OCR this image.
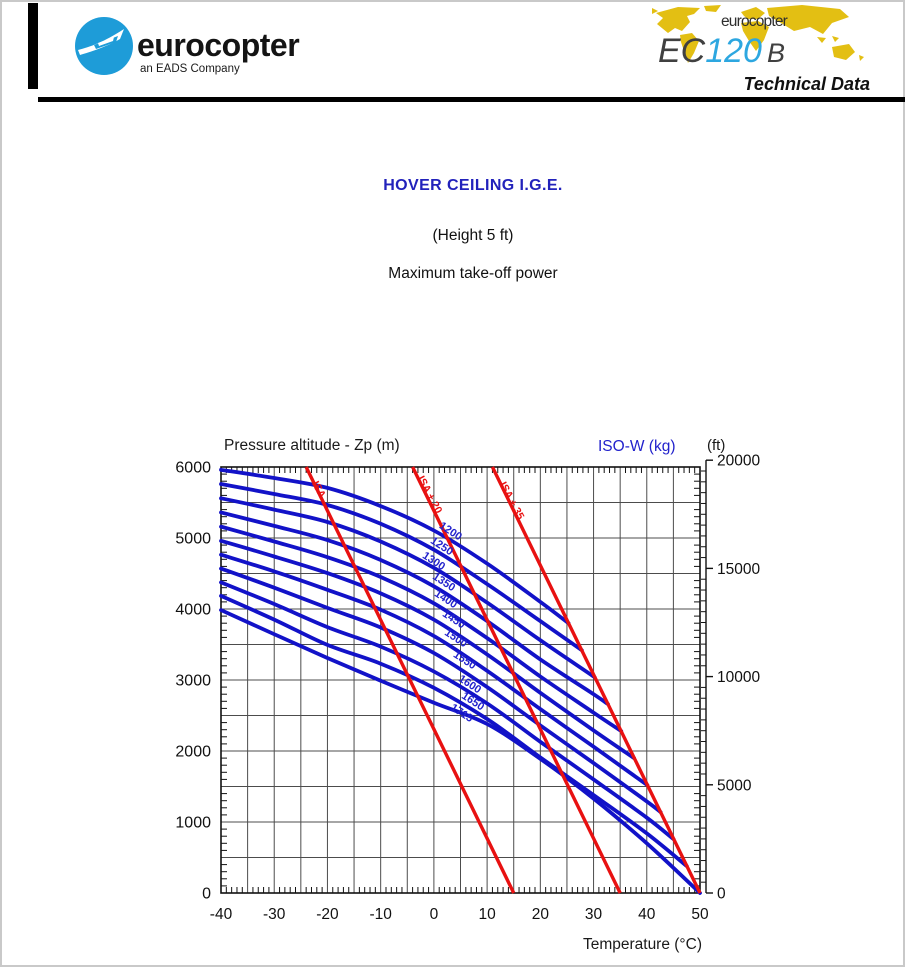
eurocopter
an EADS Company
eurocopter
EC120 B
Technical Data
HOVER CEILING I.G.E.
(Height 5 ft)
Maximum take-off power
Pressure altitude - Zp (m)	ISO-W (kg) (ft)
Temperature (°C)
0
5000
10000
15000
20000
-40 -30 -20 -10 0	10 20 30 40 50
0
1000
2000
3000
4000
5000
6000
1200
1250
1300
1350
1400
1450
1500
1550
1600
1650
1715
ISA	ISA + 20	ISA + 35
